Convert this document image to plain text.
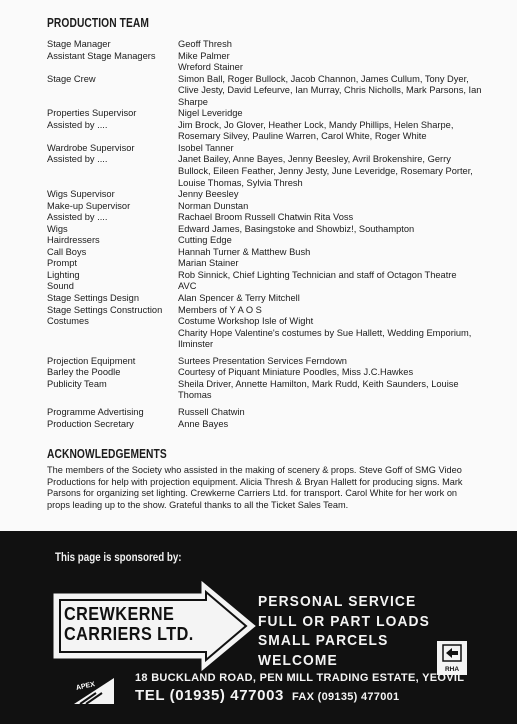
PRODUCTION TEAM
Stage Manager	Geoff Thresh
Assistant Stage Managers	Mike Palmer
Wreford Stainer
Stage Crew	Simon Ball, Roger Bullock, Jacob Channon, James Cullum, Tony Dyer, Clive Jesty, David Lefeurve, Ian Murray, Chris Nicholls, Mark Parsons, Ian Sharpe
Properties Supervisor	Nigel Leveridge
Assisted by ....	Jim Brock, Jo Glover, Heather Lock, Mandy Phillips, Helen Sharpe, Rosemary Silvey, Pauline Warren, Carol White, Roger White
Wardrobe Supervisor	Isobel Tanner
Assisted by ....	Janet Bailey, Anne Bayes, Jenny Beesley, Avril Brokenshire, Gerry Bullock, Eileen Feather, Jenny Jesty, June Leveridge, Rosemary Porter, Louise Thomas, Sylvia Thresh
Wigs Supervisor	Jenny Beesley
Make-up Supervisor	Norman Dunstan
Assisted by ....	Rachael Broom Russell Chatwin Rita Voss
Wigs	Edward James, Basingstoke and Showbiz!, Southampton
Hairdressers	Cutting Edge
Call Boys	Hannah Turner & Matthew Bush
Prompt	Marian Stainer
Lighting	Rob Sinnick, Chief Lighting Technician and staff of Octagon Theatre
Sound	AVC
Stage Settings Design	Alan Spencer & Terry Mitchell
Stage Settings Construction	Members of Y A O S
Costumes	Costume Workshop Isle of Wight
Charity Hope Valentine's costumes by Sue Hallett, Wedding Emporium, Ilminster
Projection Equipment	Surtees Presentation Services Ferndown
Barley the Poodle	Courtesy of Piquant Miniature Poodles, Miss J.C.Hawkes
Publicity Team	Sheila Driver, Annette Hamilton, Mark Rudd, Keith Saunders, Louise Thomas
Programme Advertising	Russell Chatwin
Production Secretary	Anne Bayes
ACKNOWLEDGEMENTS
The members of the Society who assisted in the making of scenery & props. Steve Goff of SMG Video Productions for help with projection equipment. Alicia Thresh & Bryan Hallett for producing signs. Mark Parsons for organizing set lighting. Crewkerne Carriers Ltd. for transport. Carol White for her work on props leading up to the show. Grateful thanks to all the Ticket Sales Team.
This page is sponsored by:
CREWKERNE
CARRIERS LTD.
PERSONAL SERVICE
FULL OR PART LOADS
SMALL PARCELS
WELCOME
RHA
APEX
18 BUCKLAND ROAD, PEN MILL TRADING ESTATE, YEOVIL
TEL (01935) 477003 FAX (09135) 477001
